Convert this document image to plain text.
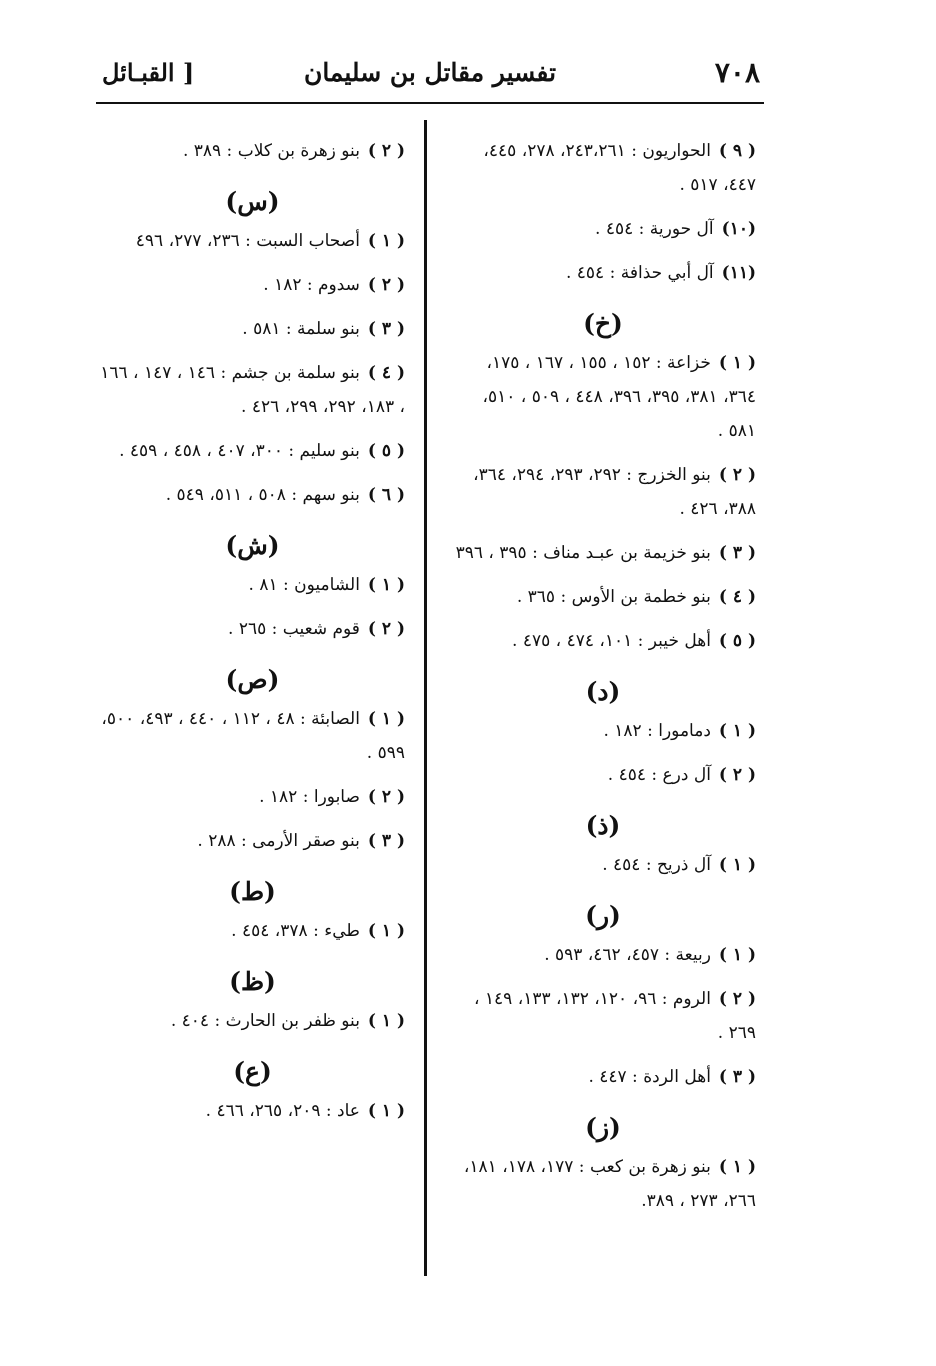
٧٠٨
تفسير مقاتل بن سليمان
[ القبـائل
( ٩ )الحواريون : ٢٤٣،٢٦١، ٢٧٨، ٤٤٥، ٤٤٧، ٥١٧ .
(١٠)آل حورية : ٤٥٤ .
(١١)آل أبي حذافة : ٤٥٤ .
(خ)
( ١ )خزاعة : ١٥٢ ، ١٥٥ ، ١٦٧ ، ١٧٥، ٣٦٤، ٣٨١، ٣٩٥، ٣٩٦، ٤٤٨ ، ٥٠٩ ، ٥١٠، ٥٨١ .
( ٢ )بنو الخزرج : ٢٩٢، ٢٩٣، ٢٩٤، ٣٦٤، ٣٨٨، ٤٢٦ .
( ٣ )بنو خزيمة بن عبـد مناف : ٣٩٥ ، ٣٩٦
( ٤ )بنو خطمة بن الأوس : ٣٦٥ .
( ٥ )أهل خيبر : ١٠١، ٤٧٤ ، ٤٧٥ .
(د)
( ١ )دمامورا : ١٨٢ .
( ٢ )آل درع : ٤٥٤ .
(ذ)
( ١ )آل ذريح : ٤٥٤ .
(ر)
( ١ )ربيعة : ٤٥٧، ٤٦٢، ٥٩٣ .
( ٢ )الروم : ٩٦، ١٢٠، ١٣٢، ١٣٣، ١٤٩ ، ٢٦٩ .
( ٣ )أهل الردة : ٤٤٧ .
(ز)
( ١ )بنو زهرة بن كعب : ١٧٧، ١٧٨، ١٨١، ٢٦٦، ٢٧٣ ، ٣٨٩.
( ٢ )بنو زهرة بن كلاب : ٣٨٩ .
(س)
( ١ )أصحاب السبت : ٢٣٦، ٢٧٧، ٤٩٦
( ٢ )سدوم : ١٨٢ .
( ٣ )بنو سلمة : ٥٨١ .
( ٤ )بنو سلمة بن جشم : ١٤٦ ، ١٤٧ ، ١٦٦ ، ١٨٣، ٢٩٢، ٢٩٩، ٤٢٦ .
( ٥ )بنو سليم : ٣٠٠، ٤٠٧ ، ٤٥٨ ، ٤٥٩ .
( ٦ )بنو سهم : ٥٠٨ ، ٥١١، ٥٤٩ .
(ش)
( ١ )الشاميون : ٨١ .
( ٢ )قوم شعيب : ٢٦٥ .
(ص)
( ١ )الصابئة : ٤٨ ، ١١٢ ، ٤٤٠ ، ٤٩٣، ٥٠٠، ٥٩٩ .
( ٢ )صابورا : ١٨٢ .
( ٣ )بنو صقر الأرمى : ٢٨٨ .
(ط)
( ١ )طيء : ٣٧٨، ٤٥٤ .
(ظ)
( ١ )بنو ظفر بن الحارث : ٤٠٤ .
(ع)
( ١ )عاد : ٢٠٩، ٢٦٥، ٤٦٦ .
